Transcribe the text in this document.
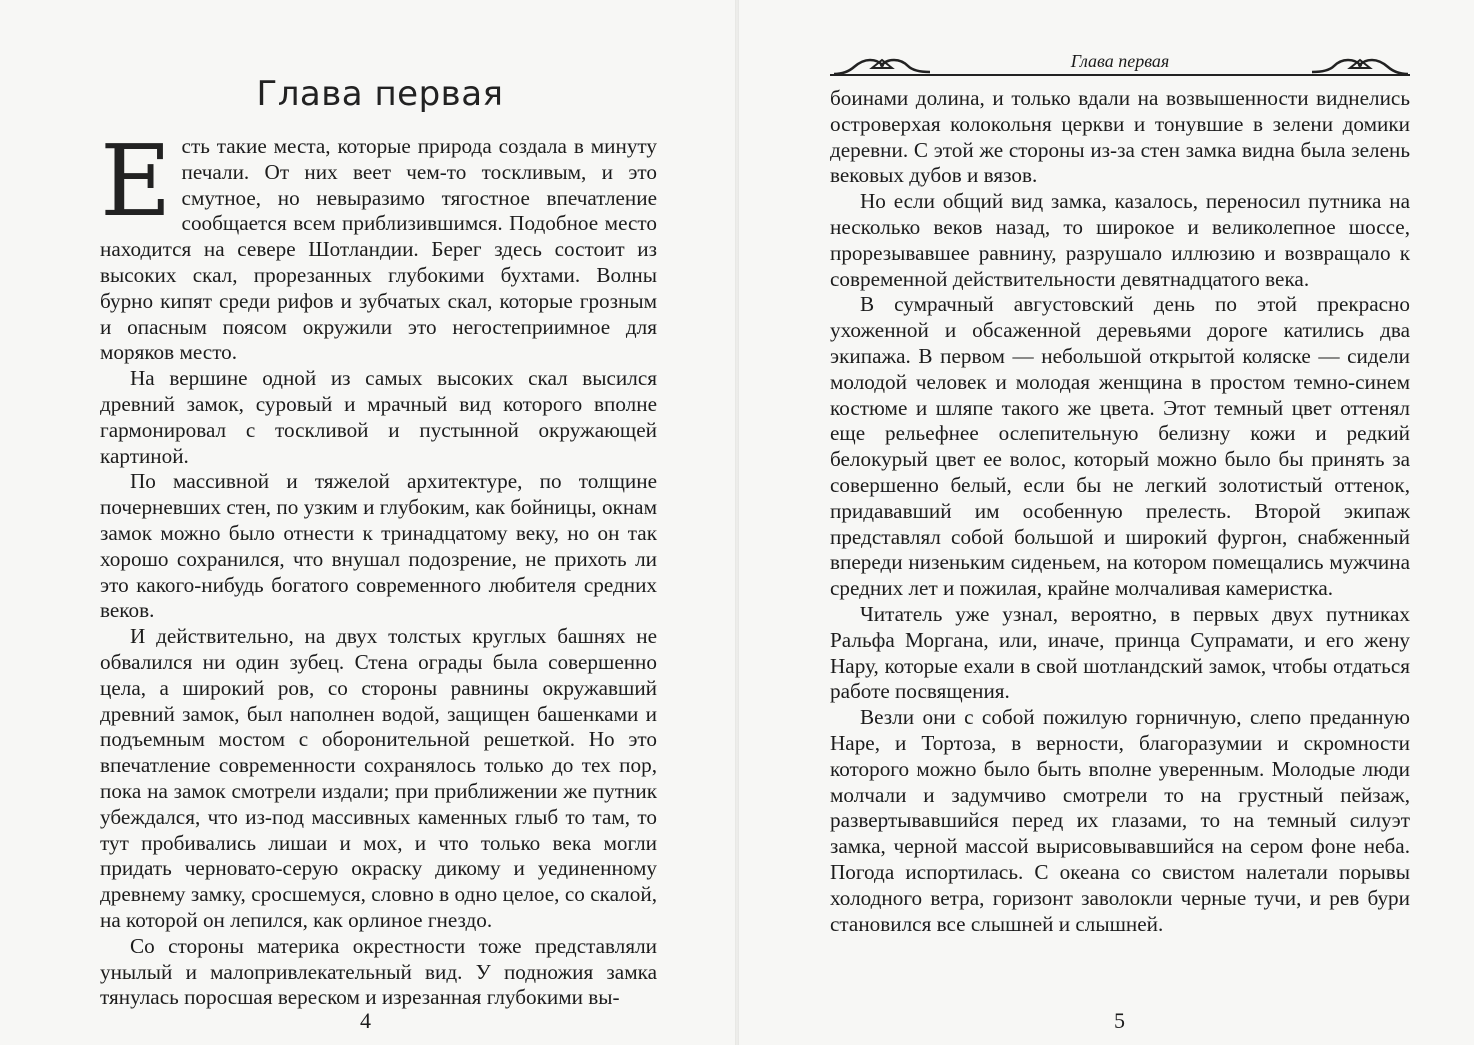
Глава первая

Есть такие места, которые природа создала в минуту печали. От них веет чем-то тоскливым, и это смутное, но невыразимо тягостное впечатление сообщается всем приблизившимся. Подобное место находится на севере Шотландии. Берег здесь состоит из высоких скал, прорезанных глубокими бухтами. Волны бурно кипят среди рифов и зубчатых скал, которые грозным и опасным поясом окружили это негостеприимное для моряков место.

На вершине одной из самых высоких скал высился древний замок, суровый и мрачный вид которого вполне гармонировал с тоскливой и пустынной окружающей картиной.

По массивной и тяжелой архитектуре, по толщине почерневших стен, по узким и глубоким, как бойницы, окнам замок можно было отнести к тринадцатому веку, но он так хорошо сохранился, что внушал подозрение, не прихоть ли это какого-нибудь богатого современного любителя средних веков.

И действительно, на двух толстых круглых башнях не обвалился ни один зубец. Стена ограды была совершенно цела, а широкий ров, со стороны равнины окружавший древний замок, был наполнен водой, защищен башенками и подъемным мостом с оборонительной решеткой. Но это впечатление современности сохранялось только до тех пор, пока на замок смотрели издали; при приближении же путник убеждался, что из-под массивных каменных глыб то там, то тут пробивались лишаи и мох, и что только века могли придать черновато-серую окраску дикому и уединенному древнему замку, сросшемуся, словно в одно целое, со скалой, на которой он лепился, как орлиное гнездо.

Со стороны материка окрестности тоже представляли унылый и малопривлекательный вид. У подножия замка тянулась поросшая вереском и изрезанная глубокими вы-

4
Глава первая

боинами долина, и только вдали на возвышенности виднелись островерхая колокольня церкви и тонувшие в зелени домики деревни. С этой же стороны из-за стен замка видна была зелень вековых дубов и вязов.

Но если общий вид замка, казалось, переносил путника на несколько веков назад, то широкое и великолепное шоссе, прорезывавшее равнину, разрушало иллюзию и возвращало к современной действительности девятнадцатого века.

В сумрачный августовский день по этой прекрасно ухоженной и обсаженной деревьями дороге катились два экипажа. В первом — небольшой открытой коляске — сидели молодой человек и молодая женщина в простом темно-синем костюме и шляпе такого же цвета. Этот темный цвет оттенял еще рельефнее ослепительную белизну кожи и редкий белокурый цвет ее волос, который можно было бы принять за совершенно белый, если бы не легкий золотистый оттенок, придававший им особенную прелесть. Второй экипаж представлял собой большой и широкий фургон, снабженный впереди низеньким сиденьем, на котором помещались мужчина средних лет и пожилая, крайне молчаливая камеристка.

Читатель уже узнал, вероятно, в первых двух путниках Ральфа Моргана, или, иначе, принца Супрамати, и его жену Нару, которые ехали в свой шотландский замок, чтобы отдаться работе посвящения.

Везли они с собой пожилую горничную, слепо преданную Наре, и Тортоза, в верности, благоразумии и скромности которого можно было быть вполне уверенным. Молодые люди молчали и задумчиво смотрели то на грустный пейзаж, развертывавшийся перед их глазами, то на темный силуэт замка, черной массой вырисовывавшийся на сером фоне неба. Погода испортилась. С океана со свистом налетали порывы холодного ветра, горизонт заволокли черные тучи, и рев бури становился все слышней и слышней.

5
